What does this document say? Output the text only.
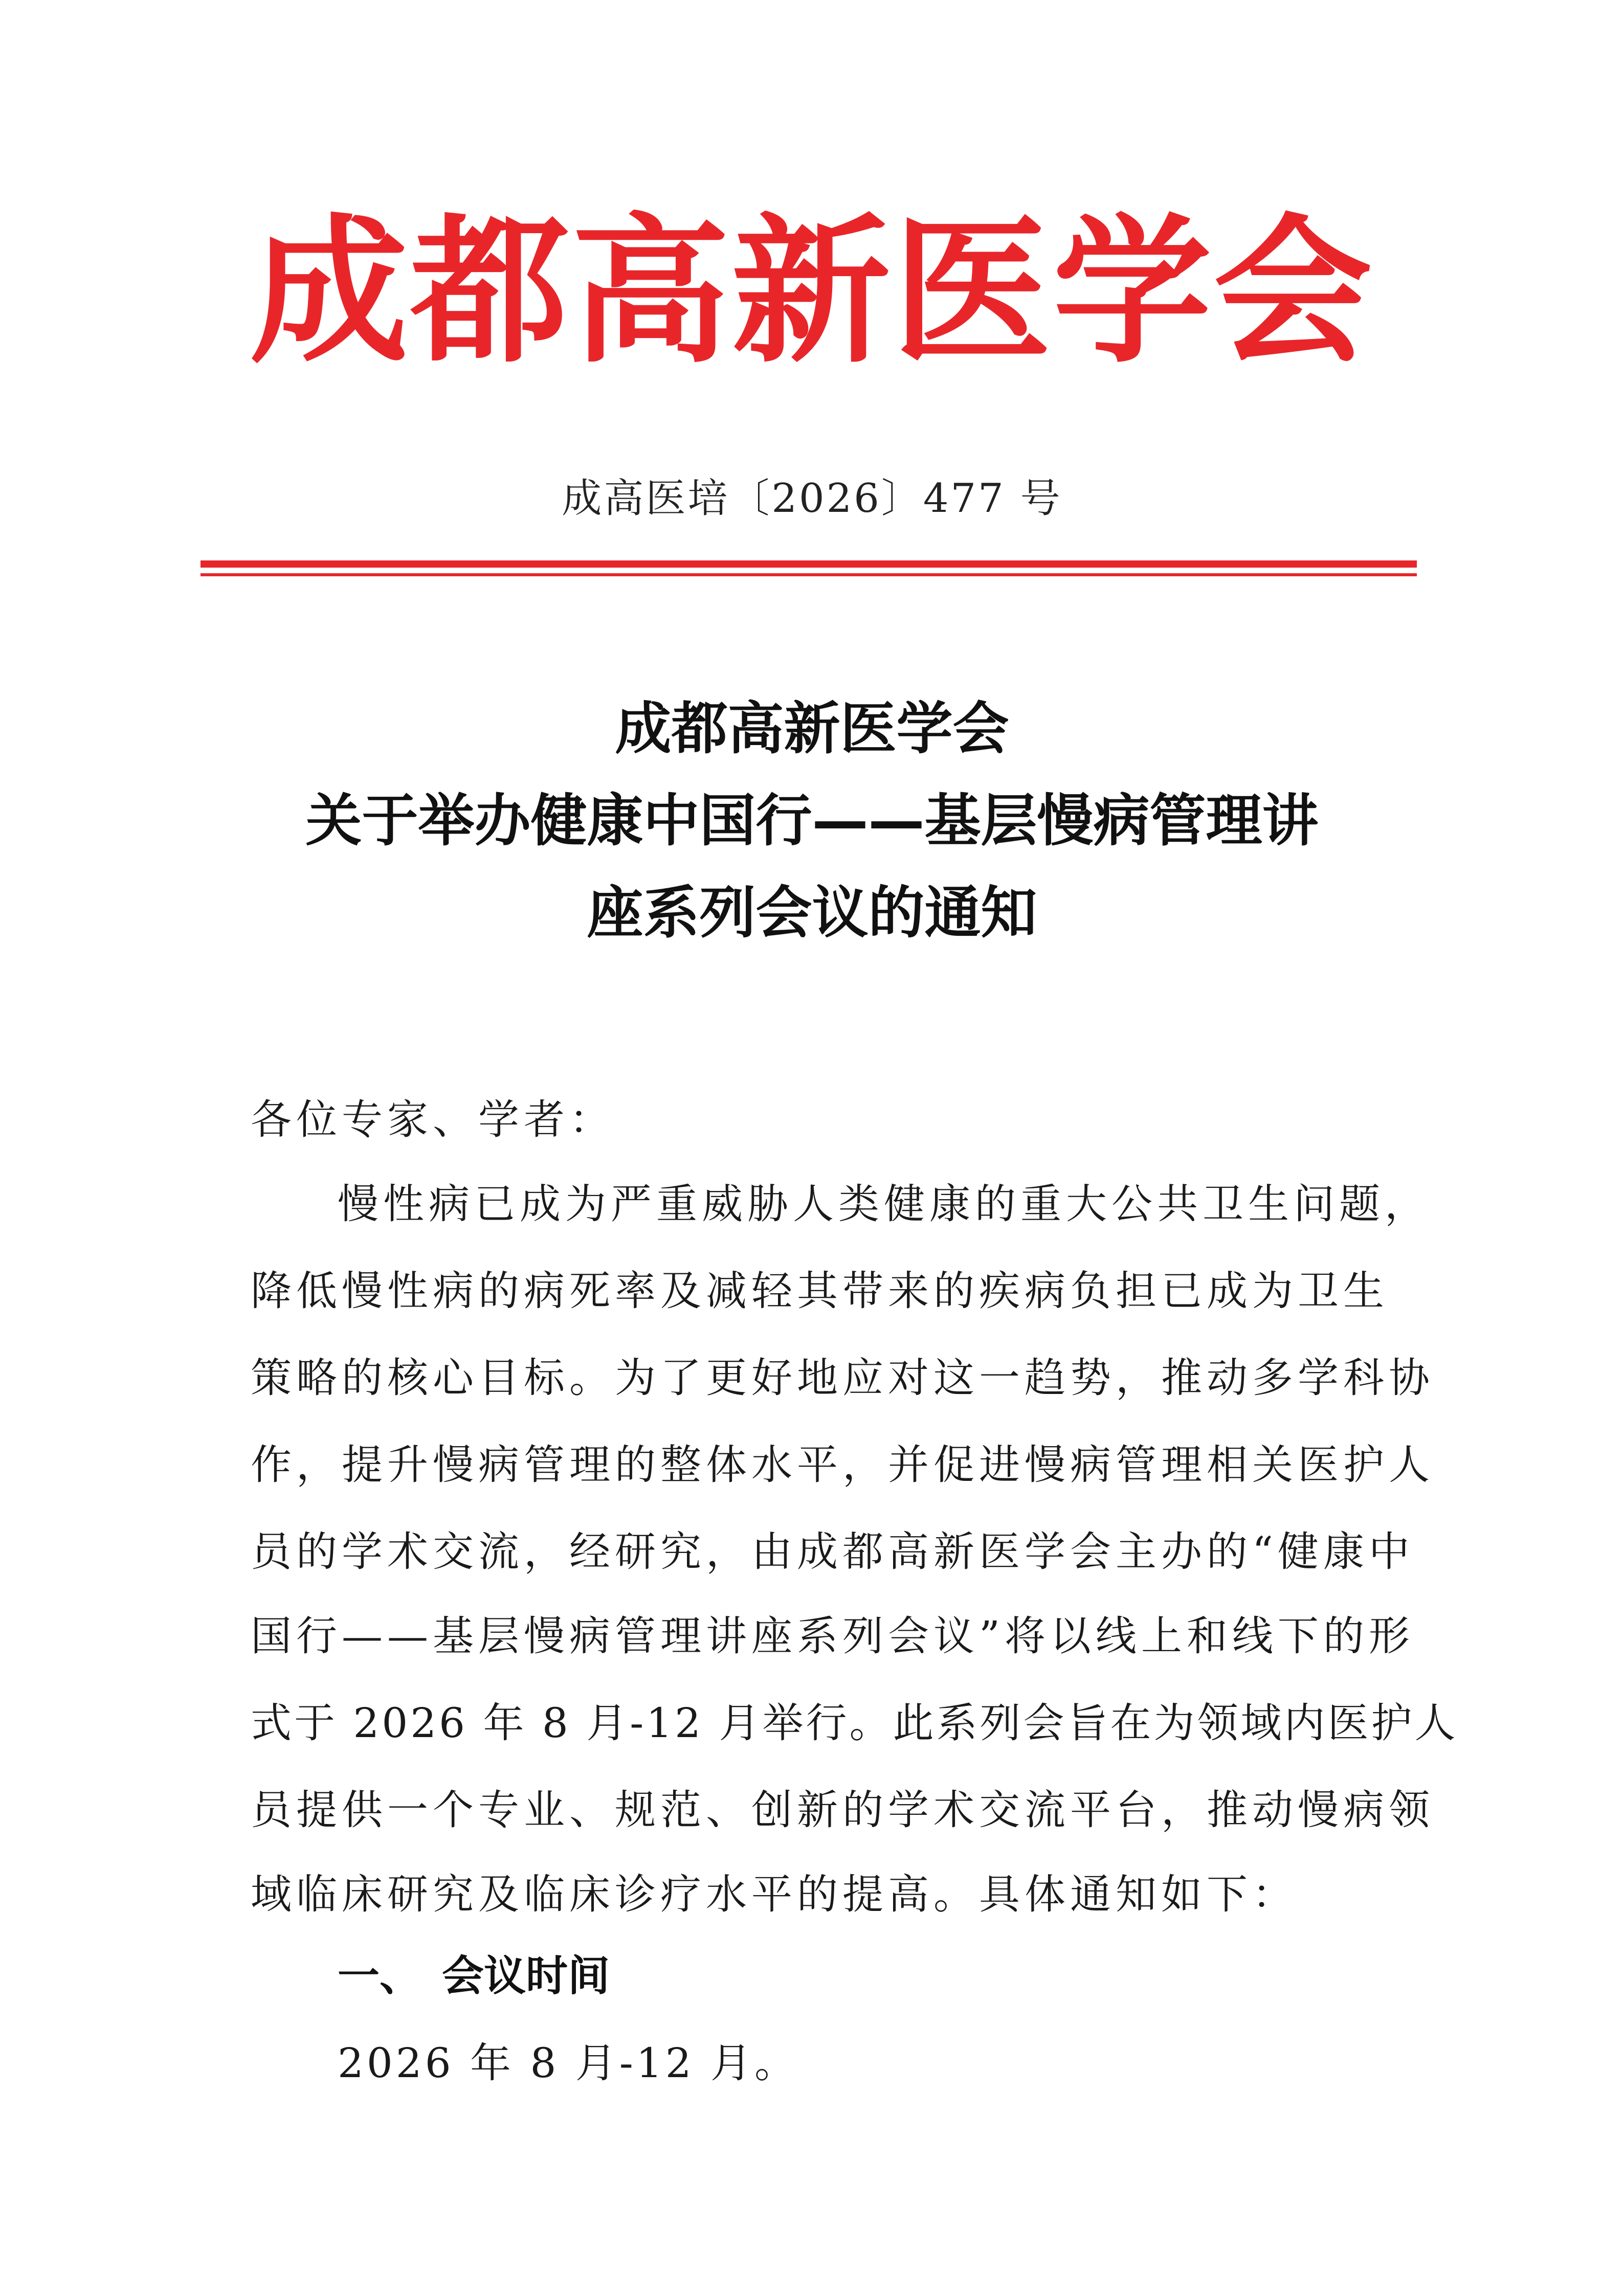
成都高新医学会
成高医培〔2026〕477 号
成都高新医学会
关于举办健康中国行——基层慢病管理讲
座系列会议的通知
各位专家、学者：
慢性病已成为严重威胁人类健康的重大公共卫生问题，
降低慢性病的病死率及减轻其带来的疾病负担已成为卫生
策略的核心目标。为了更好地应对这一趋势，推动多学科协
作，提升慢病管理的整体水平，并促进慢病管理相关医护人
员的学术交流，经研究，由成都高新医学会主办的“健康中
国行——基层慢病管理讲座系列会议”将以线上和线下的形
式于 2026 年 8 月-12 月举行。此系列会旨在为领域内医护人
员提供一个专业、规范、创新的学术交流平台，推动慢病领
域临床研究及临床诊疗水平的提高。具体通知如下：
一、 会议时间
2026 年 8 月-12 月。
